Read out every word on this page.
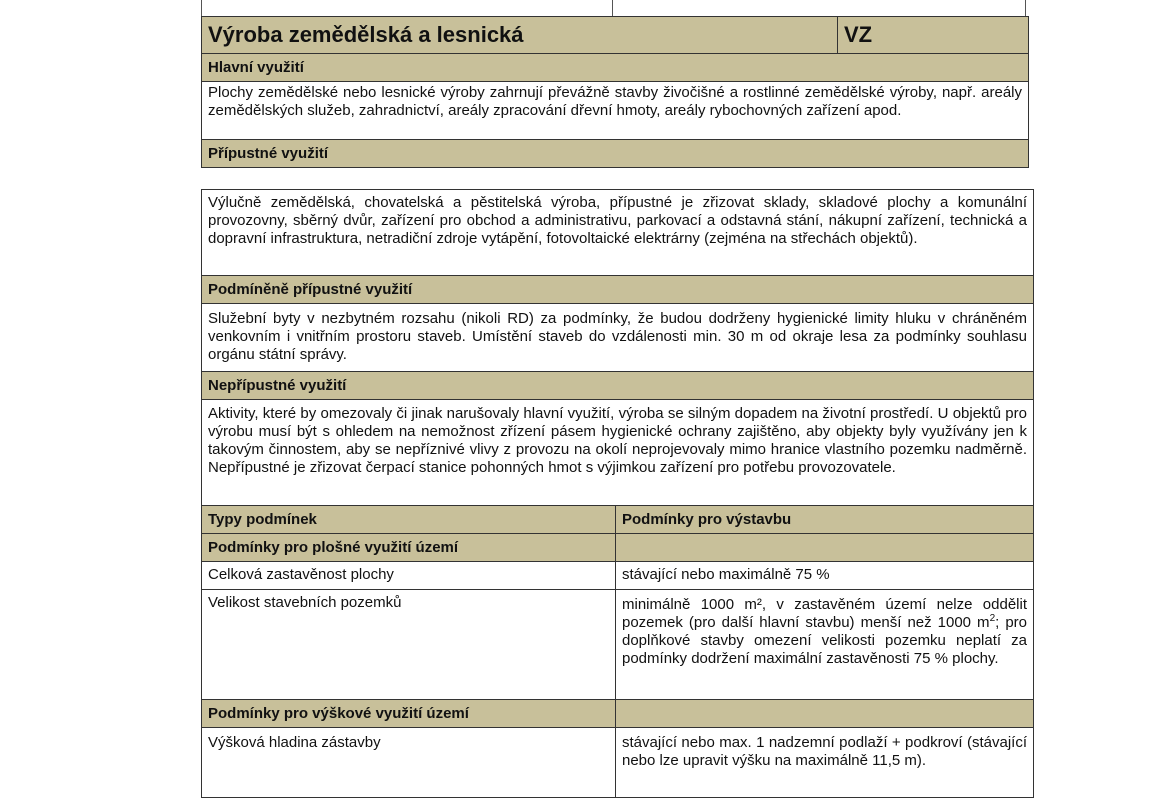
Výroba zemědělská a lesnická	VZ
Hlavní využití
Plochy zemědělské nebo lesnické výroby zahrnují převážně stavby živočišné a rostlinné zemědělské výroby, např. areály zemědělských služeb, zahradnictví, areály zpracování dřevní hmoty, areály rybochovných zařízení apod.
Přípustné využití
Výlučně zemědělská, chovatelská a pěstitelská výroba, přípustné je zřizovat sklady, skladové plochy a komunální provozovny, sběrný dvůr, zařízení pro obchod a administrativu, parkovací a odstavná stání, nákupní zařízení, technická a dopravní infrastruktura, netradiční zdroje vytápění, fotovoltaické elektrárny (zejména na střechách objektů).	
Podmíněně přípustné využití	
Služební byty v nezbytném rozsahu (nikoli RD) za podmínky, že budou dodrženy hygienické limity hluku v chráněném venkovním i vnitřním prostoru staveb. Umístění staveb do vzdálenosti min. 30 m od okraje lesa za podmínky souhlasu orgánu státní správy.	
Nepřípustné využití	
Aktivity, které by omezovaly či jinak narušovaly hlavní využití, výroba se silným dopadem na životní prostředí. U objektů pro výrobu musí být s ohledem na nemožnost zřízení pásem hygienické ochrany zajištěno, aby objekty byly využívány jen k takovým činnostem, aby se nepříznivé vlivy z provozu na okolí neprojevovaly mimo hranice vlastního pozemku nadměrně. Nepřípustné je zřizovat čerpací stanice pohonných hmot s výjimkou zařízení pro potřebu provozovatele.	
Typy podmínek	Podmínky pro výstavbu
Podmínky pro plošné využití území	
Celková zastavěnost plochy	stávající nebo maximálně 75 %
Velikost stavebních pozemků	minimálně 1000 m², v zastavěném území nelze oddělit pozemek (pro další hlavní stavbu) menší než 1000 $m^2$; pro doplňkové stavby omezení velikosti pozemku neplatí za podmínky dodržení maximální zastavěnosti 75 % plochy.
Podmínky pro výškové využití území	
Výšková hladina zástavby	stávající nebo max. 1 nadzemní podlaží + podkroví (stávající nebo lze upravit výšku na maximálně 11,5 m).
